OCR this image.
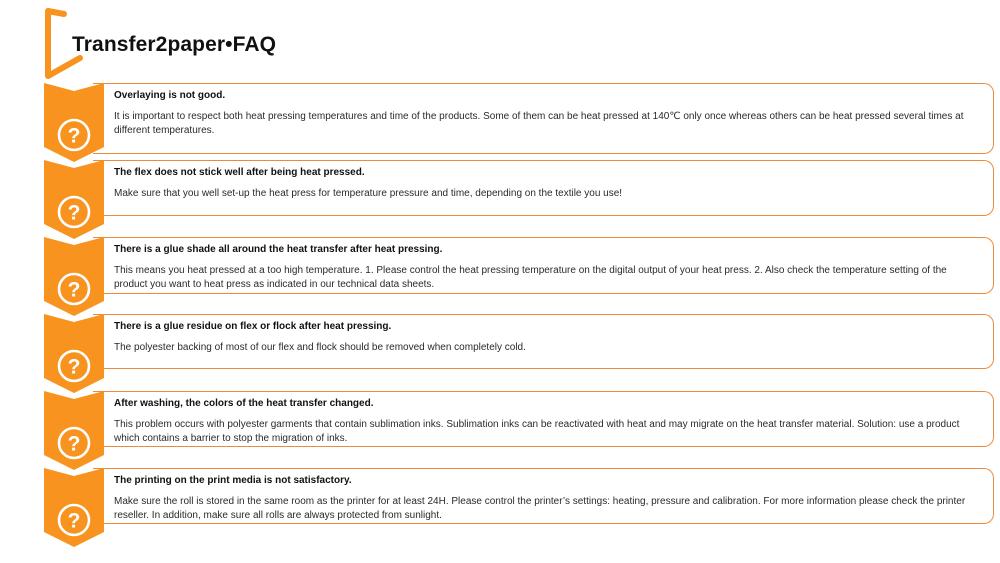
Transfer2paper•FAQ
?
Overlaying is not good.
It is important to respect both heat pressing temperatures and time of the products. Some of them can be heat pressed at 140℃ only once whereas others can be heat pressed several times at different temperatures.
?
The flex does not stick well after being heat pressed.
Make sure that you well set-up the heat press for temperature pressure and time, depending on the textile you use!
?
There is a glue shade all around the heat transfer after heat pressing.
This means you heat pressed at a too high temperature. 1. Please control the heat pressing temperature on the digital output of your heat press. 2. Also check the temperature setting of the product you want to heat press as indicated in our technical data sheets.
?
There is a glue residue on flex or flock after heat pressing.
The polyester backing of most of our flex and flock should be removed when completely cold.
?
After washing, the colors of the heat transfer changed.
This problem occurs with polyester garments that contain sublimation inks. Sublimation inks can be reactivated with heat and may migrate on the heat transfer material. Solution: use a product which contains a barrier to stop the migration of inks.
?
The printing on the print media is not satisfactory.
Make sure the roll is stored in the same room as the printer for at least 24H. Please control the printer’s settings: heating, pressure and calibration. For more information please check the printer reseller. In addition, make sure all rolls are always protected from sunlight.
